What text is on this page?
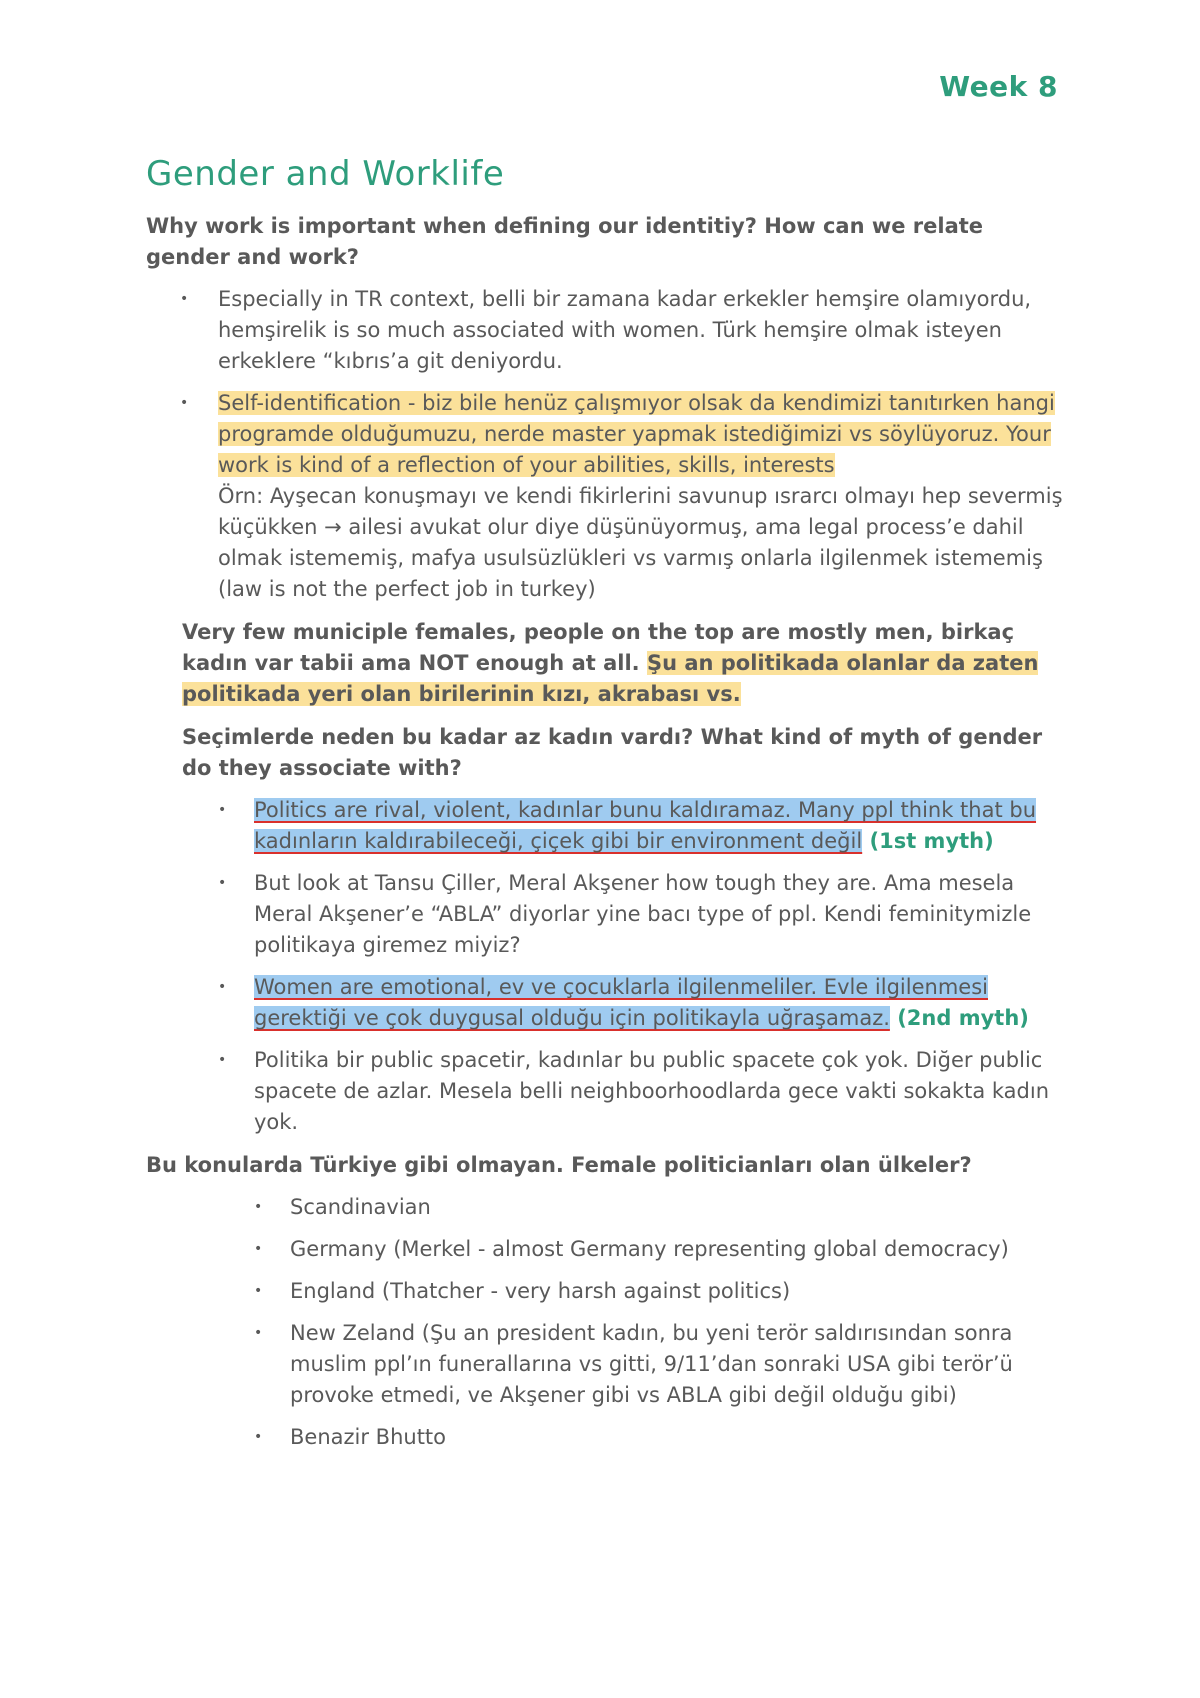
Week 8
Gender and Worklife

Why work is important when defining our identitiy? How can we relate gender and work?

• Especially in TR context, belli bir zamana kadar erkekler hemşire olamıyordu, hemşirelik is so much associated with women. Türk hemşire olmak isteyen erkeklere “kıbrıs’a git deniyordu.
• Self-identification - biz bile henüz çalışmıyor olsak da kendimizi tanıtırken hangi programde olduğumuzu, nerde master yapmak istediğimizi vs söylüyoruz. Your work is kind of a reflection of your abilities, skills, interests
Örn: Ayşecan konuşmayı ve kendi fikirlerini savunup ısrarcı olmayı hep severmiş küçükken → ailesi avukat olur diye düşünüyormuş, ama legal process’e dahil olmak istememiş, mafya usulsüzlükleri vs varmış onlarla ilgilenmek istememiş (law is not the perfect job in turkey)

Very few municiple females, people on the top are mostly men, birkaç kadın var tabii ama NOT enough at all. Şu an politikada olanlar da zaten politikada yeri olan birilerinin kızı, akrabası vs.

Seçimlerde neden bu kadar az kadın vardı? What kind of myth of gender do they associate with?

• Politics are rival, violent, kadınlar bunu kaldıramaz. Many ppl think that bu kadınların kaldırabileceği, çiçek gibi bir environment değil (1st myth)
• But look at Tansu Çiller, Meral Akşener how tough they are. Ama mesela Meral Akşener’e “ABLA” diyorlar yine bacı type of ppl. Kendi feminitymizle politikaya giremez miyiz?
• Women are emotional, ev ve çocuklarla ilgilenmeliler. Evle ilgilenmesi gerektiği ve çok duygusal olduğu için politikayla uğraşamaz. (2nd myth)
• Politika bir public spacetir, kadınlar bu public spacete çok yok. Diğer public spacete de azlar. Mesela belli neighboorhoodlarda gece vakti sokakta kadın yok.

Bu konularda Türkiye gibi olmayan. Female politicianları olan ülkeler?

• Scandinavian
• Germany (Merkel - almost Germany representing global democracy)
• England (Thatcher - very harsh against politics)
• New Zeland (Şu an president kadın, bu yeni terör saldırısından sonra muslim ppl’ın funerallarına vs gitti, 9/11’dan sonraki USA gibi terör’ü provoke etmedi, ve Akşener gibi vs ABLA gibi değil olduğu gibi)
• Benazir Bhutto
